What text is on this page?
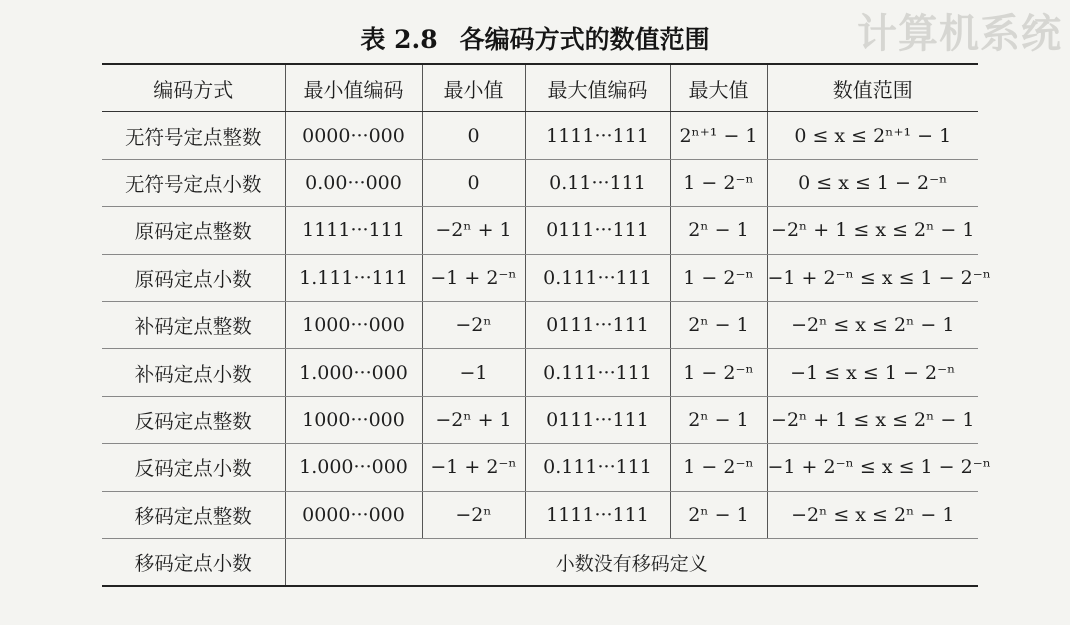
计算机系统
表 2.8 各编码方式的数值范围
编码方式	最小值编码	最小值	最大值编码	最大值	数值范围
无符号定点整数	0000···000	0	1111···111	2ⁿ⁺¹ − 1	0 ≤ x ≤ 2ⁿ⁺¹ − 1
无符号定点小数	0.00···000	0	0.11···111	1 − 2⁻ⁿ	0 ≤ x ≤ 1 − 2⁻ⁿ
原码定点整数	1111···111	−2ⁿ + 1	0111···111	2ⁿ − 1	−2ⁿ + 1 ≤ x ≤ 2ⁿ − 1
原码定点小数	1.111···111	−1 + 2⁻ⁿ	0.111···111	1 − 2⁻ⁿ	−1 + 2⁻ⁿ ≤ x ≤ 1 − 2⁻ⁿ
补码定点整数	1000···000	−2ⁿ	0111···111	2ⁿ − 1	−2ⁿ ≤ x ≤ 2ⁿ − 1
补码定点小数	1.000···000	−1	0.111···111	1 − 2⁻ⁿ	−1 ≤ x ≤ 1 − 2⁻ⁿ
反码定点整数	1000···000	−2ⁿ + 1	0111···111	2ⁿ − 1	−2ⁿ + 1 ≤ x ≤ 2ⁿ − 1
反码定点小数	1.000···000	−1 + 2⁻ⁿ	0.111···111	1 − 2⁻ⁿ	−1 + 2⁻ⁿ ≤ x ≤ 1 − 2⁻ⁿ
移码定点整数	0000···000	−2ⁿ	1111···111	2ⁿ − 1	−2ⁿ ≤ x ≤ 2ⁿ − 1
移码定点小数	小数没有移码定义				
